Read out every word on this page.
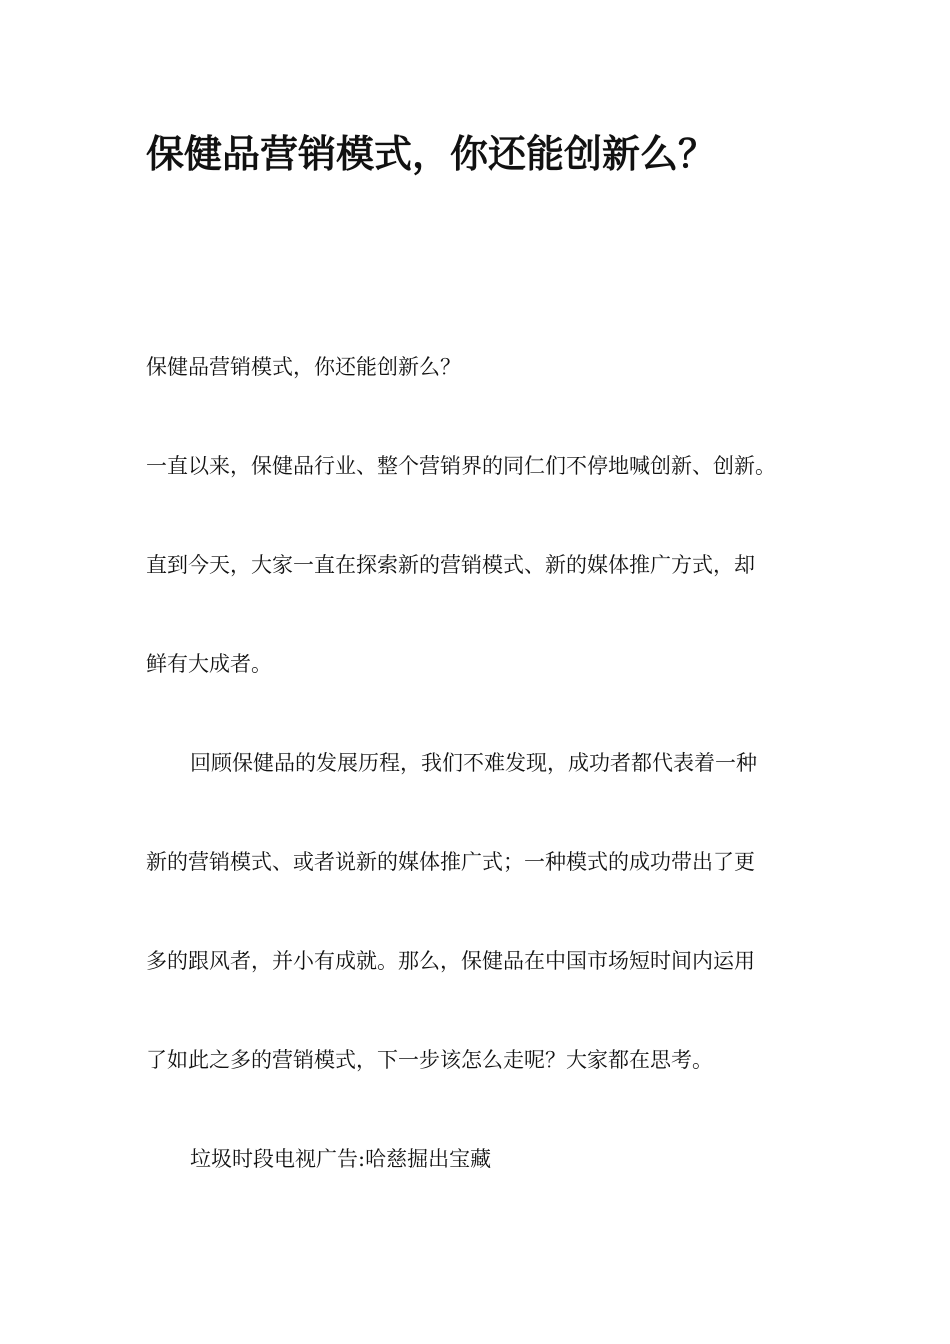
保健品营销模式，你还能创新么？

保健品营销模式，你还能创新么？

一直以来，保健品行业、整个营销界的同仁们不停地喊创新、创新。

直到今天，大家一直在探索新的营销模式、新的媒体推广方式，却

鲜有大成者。

回顾保健品的发展历程，我们不难发现，成功者都代表着一种

新的营销模式、或者说新的媒体推广式；一种模式的成功带出了更

多的跟风者，并小有成就。那么，保健品在中国市场短时间内运用

了如此之多的营销模式，下一步该怎么走呢？大家都在思考。

垃圾时段电视广告:哈慈掘出宝藏
